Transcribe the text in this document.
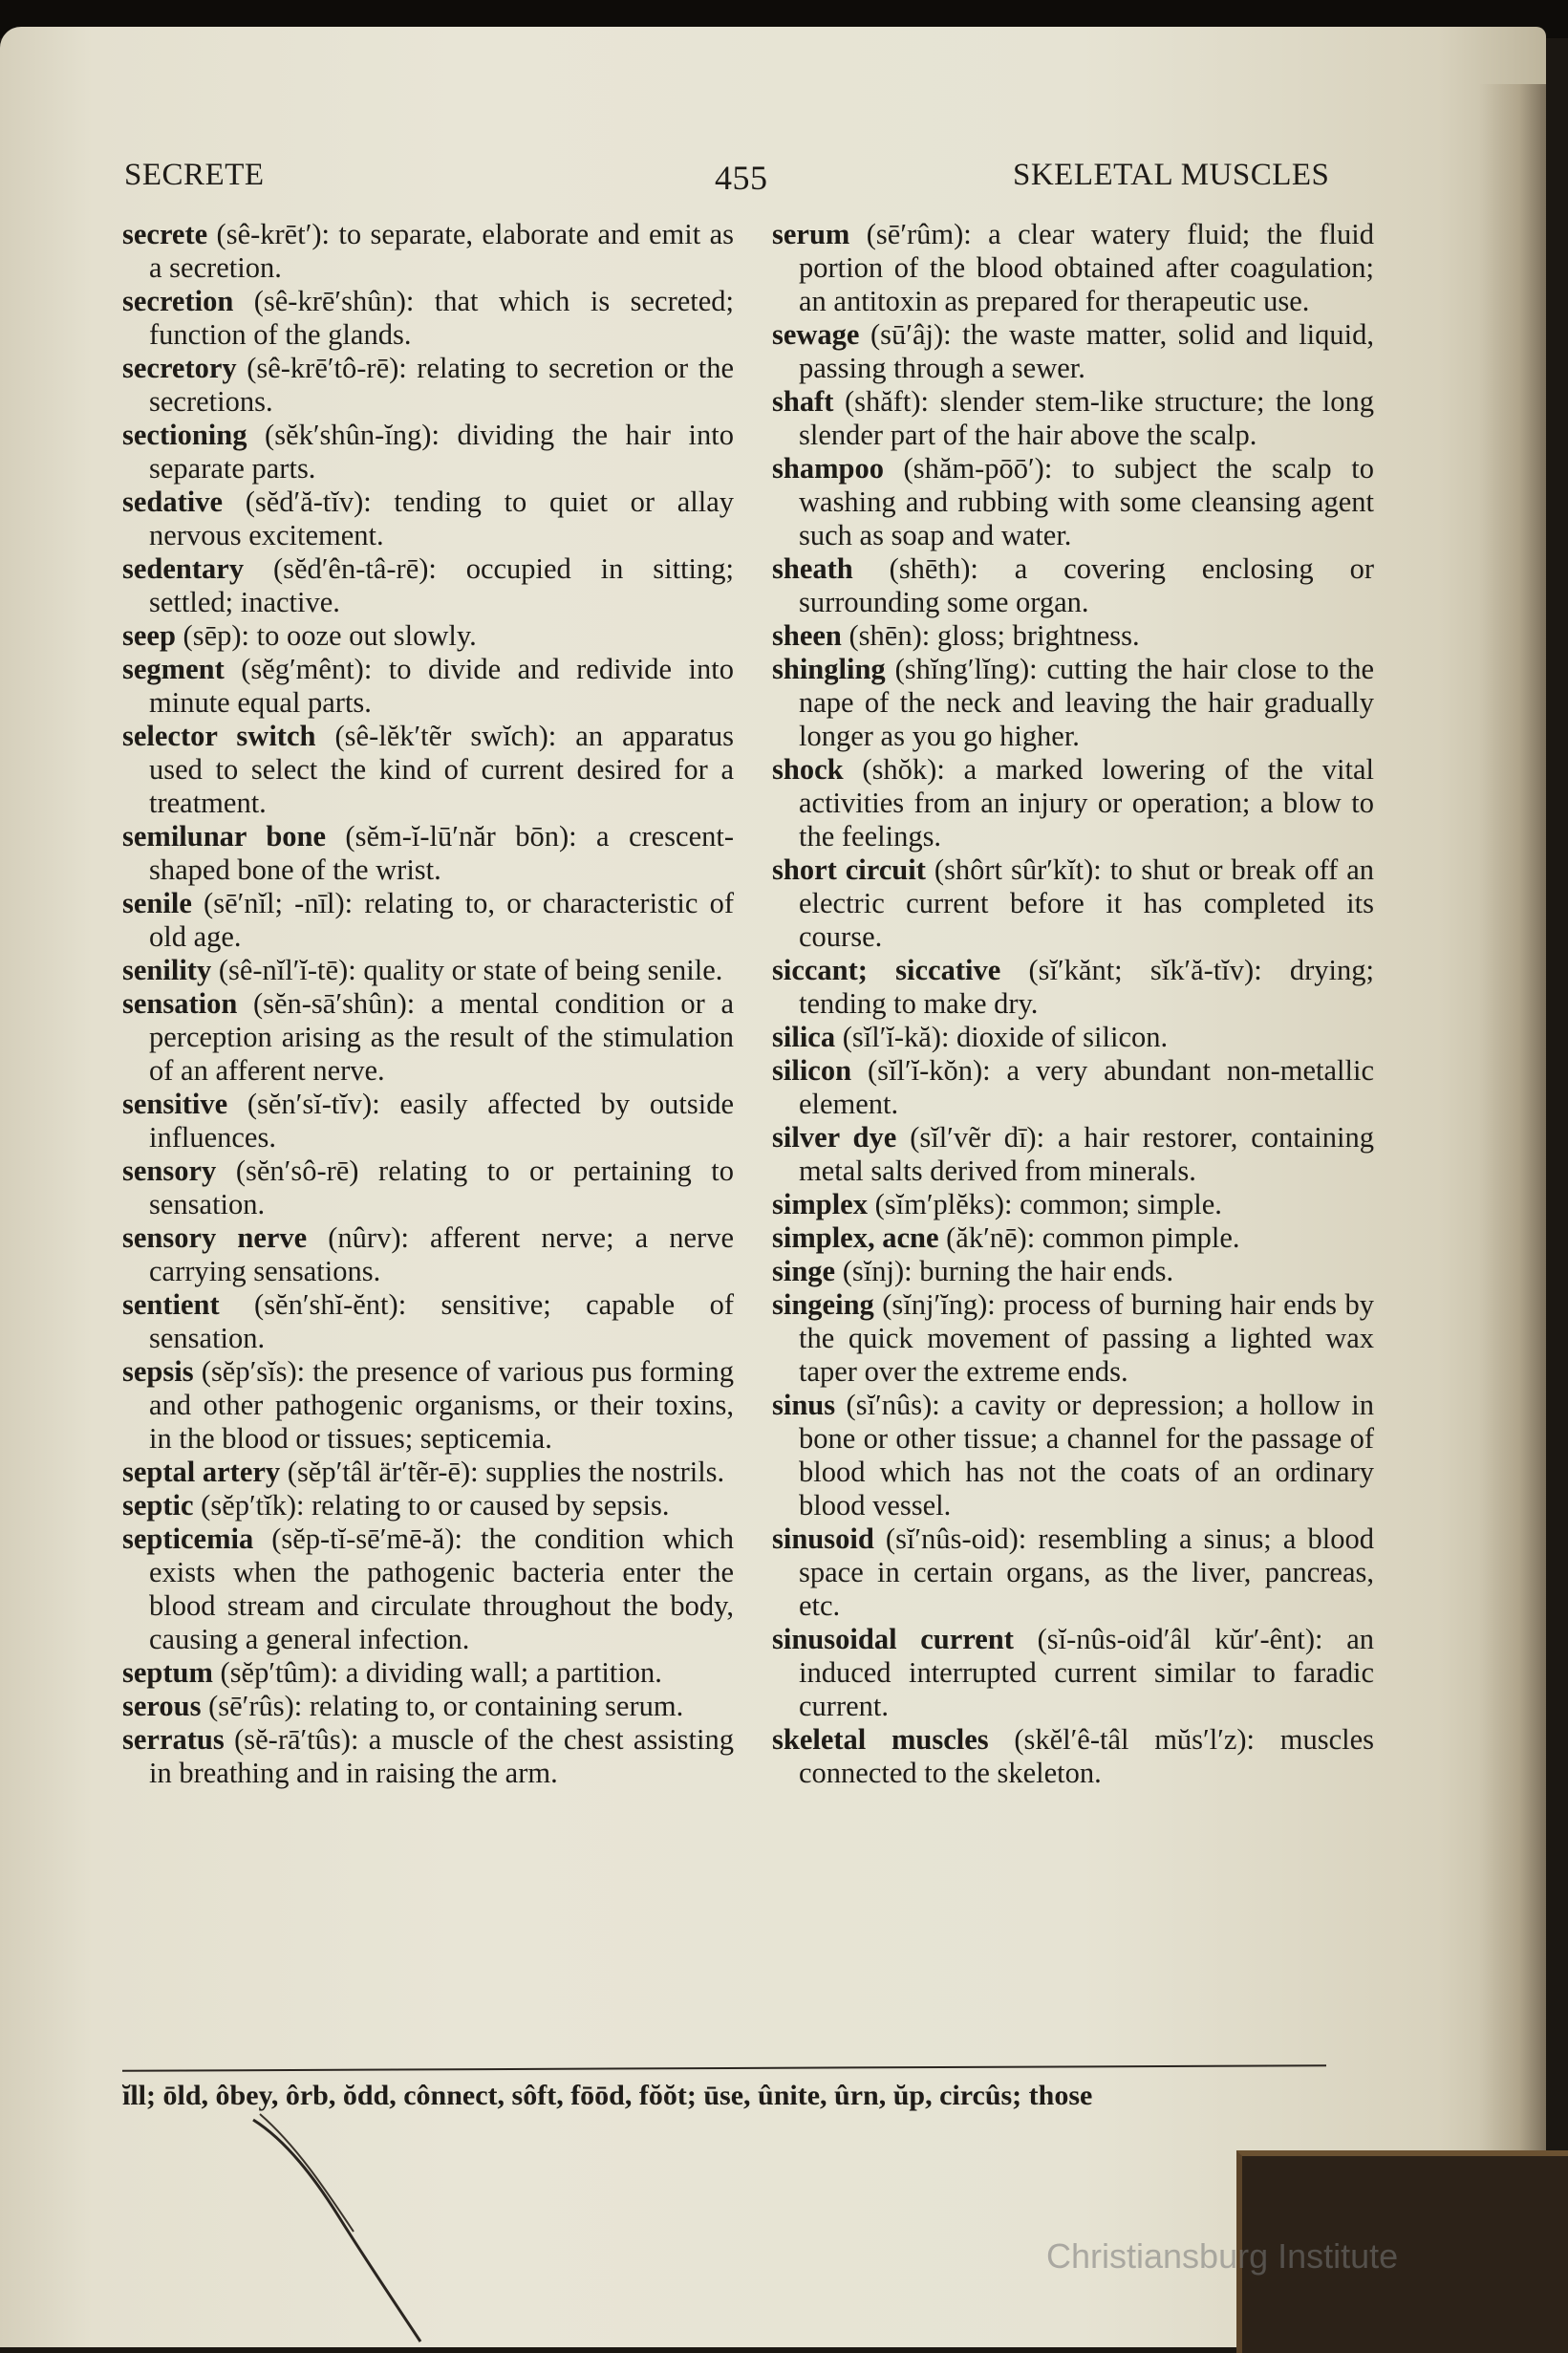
SECRETE	455	SKELETAL MUSCLES
secrete (sê-krēt′): to separate, elaborate and emit as a secretion.
secretion (sê-krē′shûn): that which is secreted; function of the glands.
secretory (sê-krē′tô-rē): relating to secretion or the secretions.
sectioning (sĕk′shûn-ĭng): dividing the hair into separate parts.
sedative (sĕd′ă-tĭv): tending to quiet or allay nervous excitement.
sedentary (sĕd′ên-tâ-rē): occupied in sitting; settled; inactive.
seep (sēp): to ooze out slowly.
segment (sĕg′mênt): to divide and redivide into minute equal parts.
selector switch (sê-lĕk′tẽr swĭch): an apparatus used to select the kind of current desired for a treatment.
semilunar bone (sĕm-ĭ-lū′năr bōn): a crescent-shaped bone of the wrist.
senile (sē′nĭl; -nīl): relating to, or characteristic of old age.
senility (sê-nĭl′ĭ-tē): quality or state of being senile.
sensation (sĕn-sā′shûn): a mental condition or a perception arising as the result of the stimulation of an afferent nerve.
sensitive (sĕn′sĭ-tĭv): easily affected by outside influences.
sensory (sĕn′sô-rē) relating to or pertaining to sensation.
sensory nerve (nûrv): afferent nerve; a nerve carrying sensations.
sentient (sĕn′shĭ-ĕnt): sensitive; capable of sensation.
sepsis (sĕp′sĭs): the presence of various pus forming and other pathogenic organisms, or their toxins, in the blood or tissues; septicemia.
septal artery (sĕp′tâl är′tẽr-ē): supplies the nostrils.
septic (sĕp′tĭk): relating to or caused by sepsis.
septicemia (sĕp-tĭ-sē′mē-ă): the condition which exists when the pathogenic bacteria enter the blood stream and circulate throughout the body, causing a general infection.
septum (sĕp′tûm): a dividing wall; a partition.
serous (sē′rûs): relating to, or containing serum.
serratus (sĕ-rā′tûs): a muscle of the chest assisting in breathing and in raising the arm.
serum (sē′rûm): a clear watery fluid; the fluid portion of the blood obtained after coagulation; an antitoxin as prepared for therapeutic use.
sewage (sū′âj): the waste matter, solid and liquid, passing through a sewer.
shaft (shăft): slender stem-like structure; the long slender part of the hair above the scalp.
shampoo (shăm-pōō′): to subject the scalp to washing and rubbing with some cleansing agent such as soap and water.
sheath (shēth): a covering enclosing or surrounding some organ.
sheen (shēn): gloss; brightness.
shingling (shĭng′lĭng): cutting the hair close to the nape of the neck and leaving the hair gradually longer as you go higher.
shock (shŏk): a marked lowering of the vital activities from an injury or operation; a blow to the feelings.
short circuit (shôrt sûr′kĭt): to shut or break off an electric current before it has completed its course.
siccant; siccative (sĭ′kănt; sĭk′ă-tĭv): drying; tending to make dry.
silica (sĭl′ĭ-kă): dioxide of silicon.
silicon (sĭl′ĭ-kŏn): a very abundant non-metallic element.
silver dye (sĭl′vẽr dī): a hair restorer, containing metal salts derived from minerals.
simplex (sĭm′plĕks): common; simple.
simplex, acne (ăk′nē): common pimple.
singe (sĭnj): burning the hair ends.
singeing (sĭnj′ĭng): process of burning hair ends by the quick movement of passing a lighted wax taper over the extreme ends.
sinus (sĭ′nûs): a cavity or depression; a hollow in bone or other tissue; a channel for the passage of blood which has not the coats of an ordinary blood vessel.
sinusoid (sĭ′nûs-oid): resembling a sinus; a blood space in certain organs, as the liver, pancreas, etc.
sinusoidal current (sĭ-nûs-oid′âl kŭr′-ênt): an induced interrupted current similar to faradic current.
skeletal muscles (skĕl′ê-tâl mŭs′l′z): muscles connected to the skeleton.
ĭll; ōld, ôbey, ôrb, ŏdd, cônnect, sôft, fōōd, fŏŏt; ūse, ûnite, ûrn, ŭp, circûs; those
Christiansburg Institute
